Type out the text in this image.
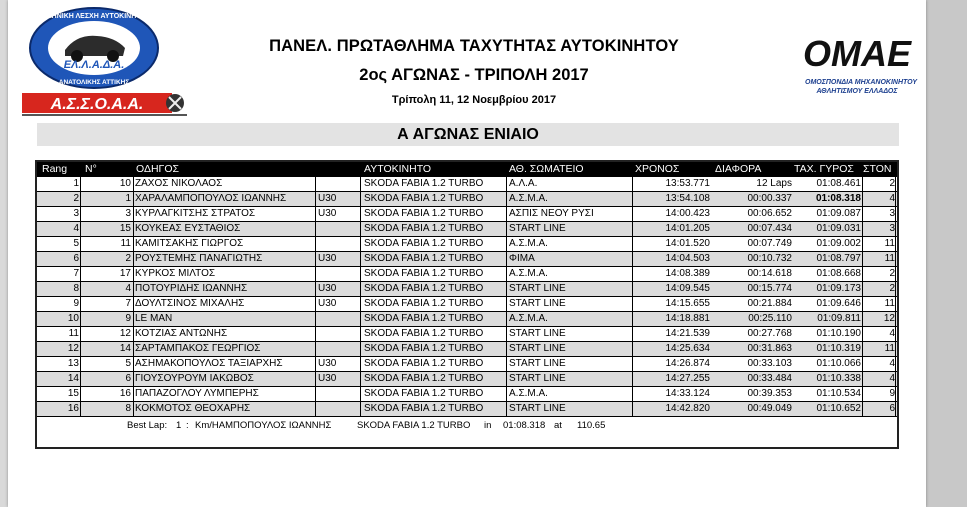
ΕΛ.Λ.Α.Δ.Α.
ΕΛΛΗΝΙΚΗ ΛΕΣΧΗ ΑΥΤΟΚΙΝΗΤΟΥ
ΑΝΑΤΟΛΙΚΗΣ ΑΤΤΙΚΗΣ
Α.Σ.Σ.Ο.Α.Α.
ΟΜΑΕ
ΟΜΟΣΠΟΝΔΙΑ ΜΗΧΑΝΟΚΙΝΗΤΟΥ
ΑΘΛΗΤΙΣΜΟΥ ΕΛΛΑΔΟΣ
ΠΑΝΕΛ. ΠΡΩΤΑΘΛΗΜΑ ΤΑΧΥΤΗΤΑΣ ΑΥΤΟΚΙΝΗΤΟΥ
2ος ΑΓΩΝΑΣ - ΤΡΙΠΟΛΗ 2017
Τρίπολη 11, 12 Νοεμβρίου 2017
Α ΑΓΩΝΑΣ ΕΝΙΑΙΟ
Rang N°	ΟΔΗΓΟΣ	ΑΥΤΟΚΙΝΗΤΟ	ΑΘ. ΣΩΜΑΤΕΙΟ	ΧΡΟΝΟΣ	ΔΙΑΦΟΡΑ	ΤΑΧ. ΓΥΡΟΣ ΣΤΟΝ
1	10 ΖΑΧΟΣ ΝΙΚΟΛΑΟΣ	SKODA FABIA 1.2 TURBO	Α.Λ.Α.	13:53.771	12 Laps	01:08.461	2
2	1 ΧΑΡΑΛΑΜΠΟΠΟΥΛΟΣ ΙΩΑΝΝΗΣ	U30	SKODA FABIA 1.2 TURBO	Α.Σ.Μ.Α.	13:54.108	00:00.337	01:08.318	4
3	3 ΚΥΡΛΑΓΚΙΤΣΗΣ ΣΤΡΑΤΟΣ	U30	SKODA FABIA 1.2 TURBO	ΑΣΠΙΣ ΝΕΟΥ ΡΥΣΙ	14:00.423	00:06.652	01:09.087	3
4	15 ΚΟΥΚΕΑΣ ΕΥΣΤΑΘΙΟΣ	SKODA FABIA 1.2 TURBO	START LINE	14:01.205	00:07.434	01:09.031	3
5	11 ΚΑΜΙΤΣΑΚΗΣ ΓΙΩΡΓΟΣ	SKODA FABIA 1.2 TURBO	Α.Σ.Μ.Α.	14:01.520	00:07.749	01:09.002	11
6	2 ΡΟΥΣΤΕΜΗΣ ΠΑΝΑΓΙΩΤΗΣ	U30	SKODA FABIA 1.2 TURBO	ΦΙΜΑ	14:04.503	00:10.732	01:08.797	11
7	17 ΚΥΡΚΟΣ ΜΙΛΤΟΣ	SKODA FABIA 1.2 TURBO	Α.Σ.Μ.Α.	14:08.389	00:14.618	01:08.668	2
8	4 ΠΟΤΟΥΡΙΔΗΣ ΙΩΑΝΝΗΣ	U30	SKODA FABIA 1.2 TURBO	START LINE	14:09.545	00:15.774	01:09.173	2
9	7 ΔΟΥΛΤΣΙΝΟΣ ΜΙΧΑΛΗΣ	U30	SKODA FABIA 1.2 TURBO	START LINE	14:15.655	00:21.884	01:09.646	11
10	9 LE MAN	SKODA FABIA 1.2 TURBO	Α.Σ.Μ.Α.	14:18.881	00:25.110	01:09.811	12
11	12 ΚΟΤΖΙΑΣ ΑΝΤΩΝΗΣ	SKODA FABIA 1.2 TURBO	START LINE	14:21.539	00:27.768	01:10.190	4
12	14 ΣΑΡΤΑΜΠΑΚΟΣ ΓΕΩΡΓΙΟΣ	SKODA FABIA 1.2 TURBO	START LINE	14:25.634	00:31.863	01:10.319	11
13	5 ΑΣΗΜΑΚΟΠΟΥΛΟΣ ΤΑΞΙΑΡΧΗΣ	U30	SKODA FABIA 1.2 TURBO	START LINE	14:26.874	00:33.103	01:10.066	4
14	6 ΓΙΟΥΣΟΥΡΟΥΜ ΙΑΚΩΒΟΣ	U30	SKODA FABIA 1.2 TURBO	START LINE	14:27.255	00:33.484	01:10.338	4
15	16 ΠΑΠΑΖΟΓΛΟΥ ΛΥΜΠΕΡΗΣ	SKODA FABIA 1.2 TURBO	Α.Σ.Μ.Α.	14:33.124	00:39.353	01:10.534	9
16	8 ΚΟΚΜΟΤΟΣ ΘΕΟΧΑΡΗΣ	SKODA FABIA 1.2 TURBO	START LINE	14:42.820	00:49.049	01:10.652	6
Best Lap: 1 : Km/ΗΑΜΠΟΠΟΥΛΟΣ ΙΩΑΝΝΗΣ	SKODA FABIA 1.2 TURBO in 01:08.318 at 110.65
